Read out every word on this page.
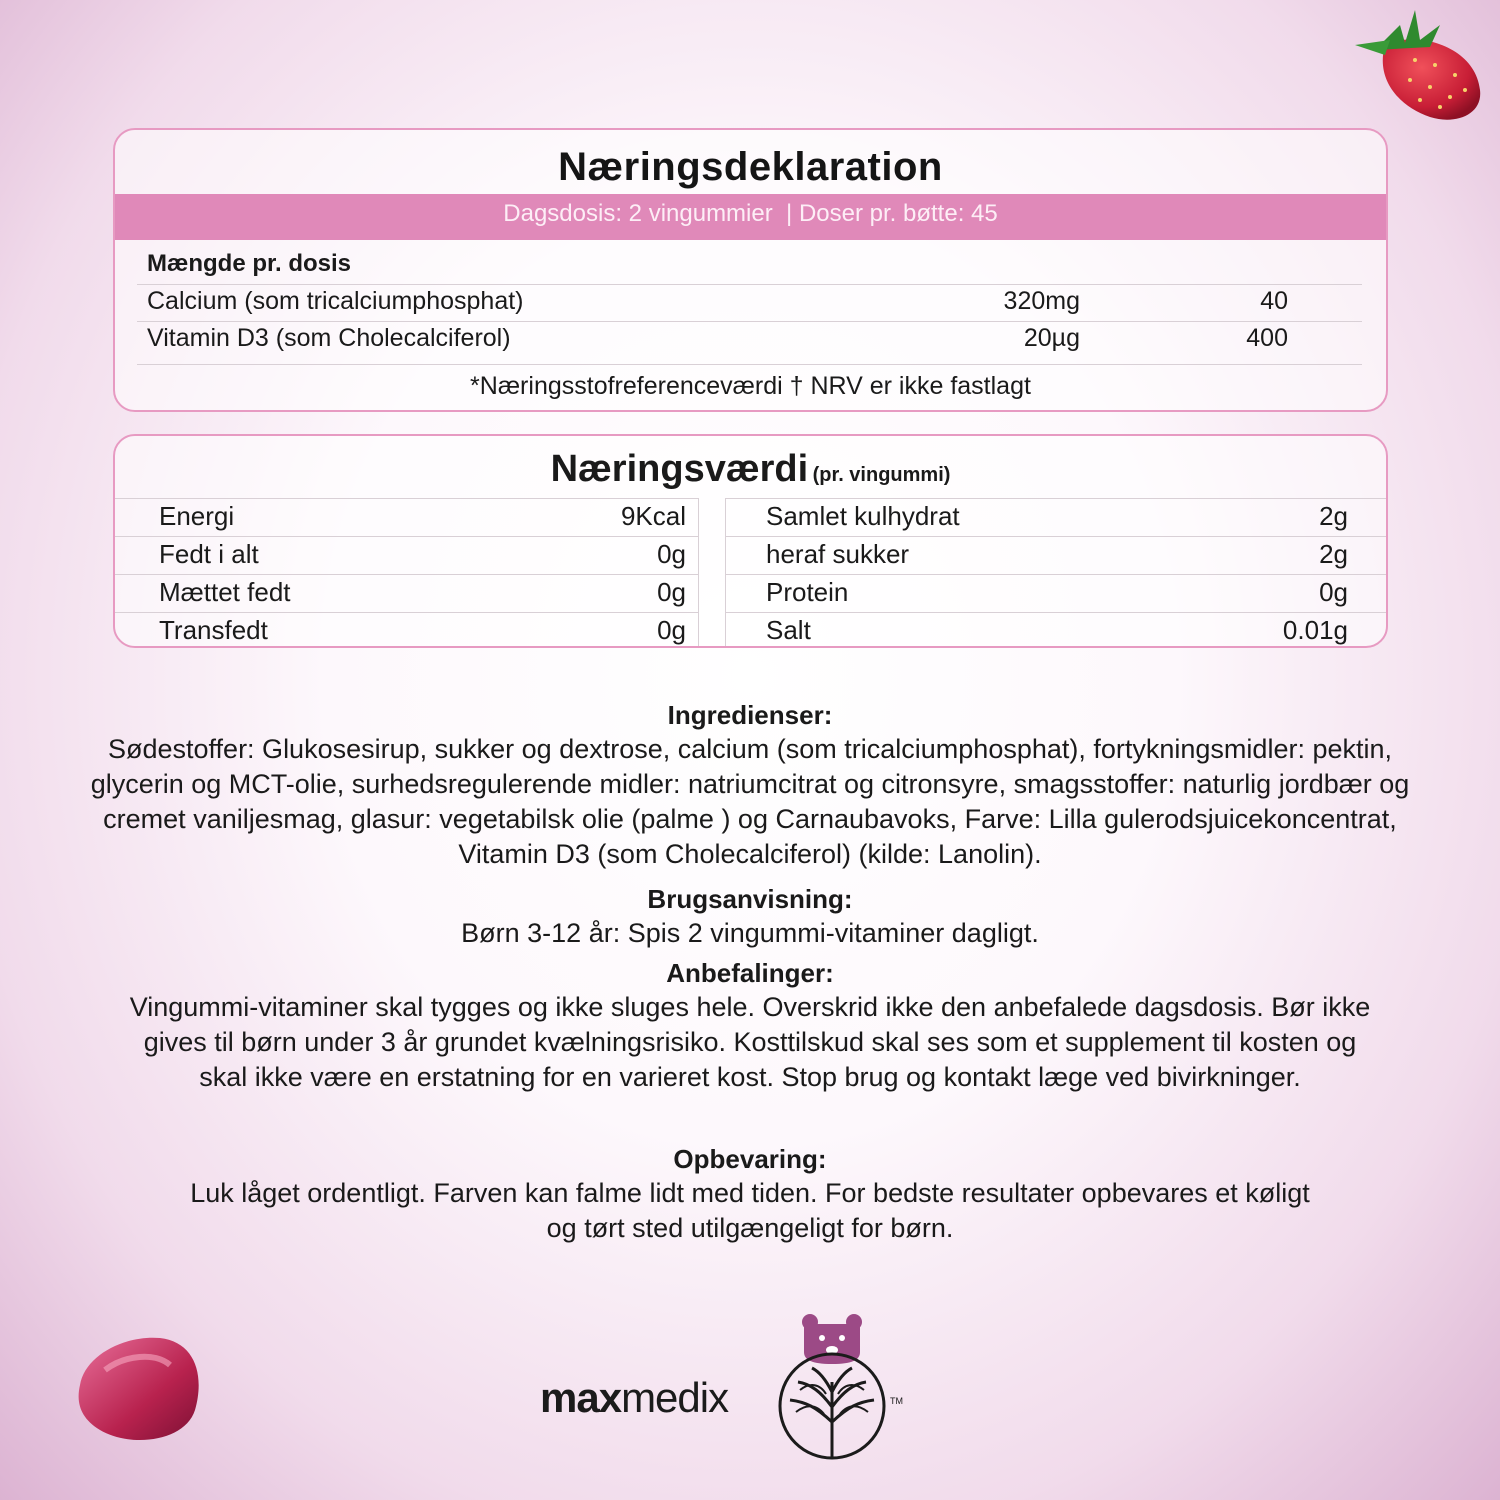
Næringsdeklaration
Dagsdosis: 2 vingummier  | Doser pr. bøtte: 45
Mængde pr. dosis
Calcium (som tricalciumphosphat)	320mg	40
Vitamin D3 (som Cholecalciferol)	20µg	400
*Næringsstofreferenceværdi † NRV er ikke fastlagt
Næringsværdi (pr. vingummi)
Energi	9Kcal
Fedt i alt	0g
Mættet fedt	0g
Transfedt	0g
Samlet kulhydrat	2g
heraf sukker	2g
Protein	0g
Salt	0.01g
Ingredienser:
Sødestoffer: Glukosesirup, sukker og dextrose, calcium (som tricalciumphosphat), fortykningsmidler: pektin, glycerin og MCT-olie, surhedsregulerende midler: natriumcitrat og citronsyre, smagsstoffer: naturlig jordbær og cremet vaniljesmag, glasur: vegetabilsk olie (palme ) og Carnaubavoks, Farve: Lilla gulerodsjuicekoncentrat, Vitamin D3 (som Cholecalciferol) (kilde: Lanolin).
Brugsanvisning:
Børn 3-12 år: Spis 2 vingummi-vitaminer dagligt.
Anbefalinger:
Vingummi-vitaminer skal tygges og ikke sluges hele. Overskrid ikke den anbefalede dagsdosis. Bør ikke gives til børn under 3 år grundet kvælningsrisiko. Kosttilskud skal ses som et supplement til kosten og skal ikke være en erstatning for en varieret kost. Stop brug og kontakt læge ved bivirkninger.
Opbevaring:
Luk låget ordentligt. Farven kan falme lidt med tiden. For bedste resultater opbevares et køligt og tørt sted utilgængeligt for børn.
maxmedix	TM
